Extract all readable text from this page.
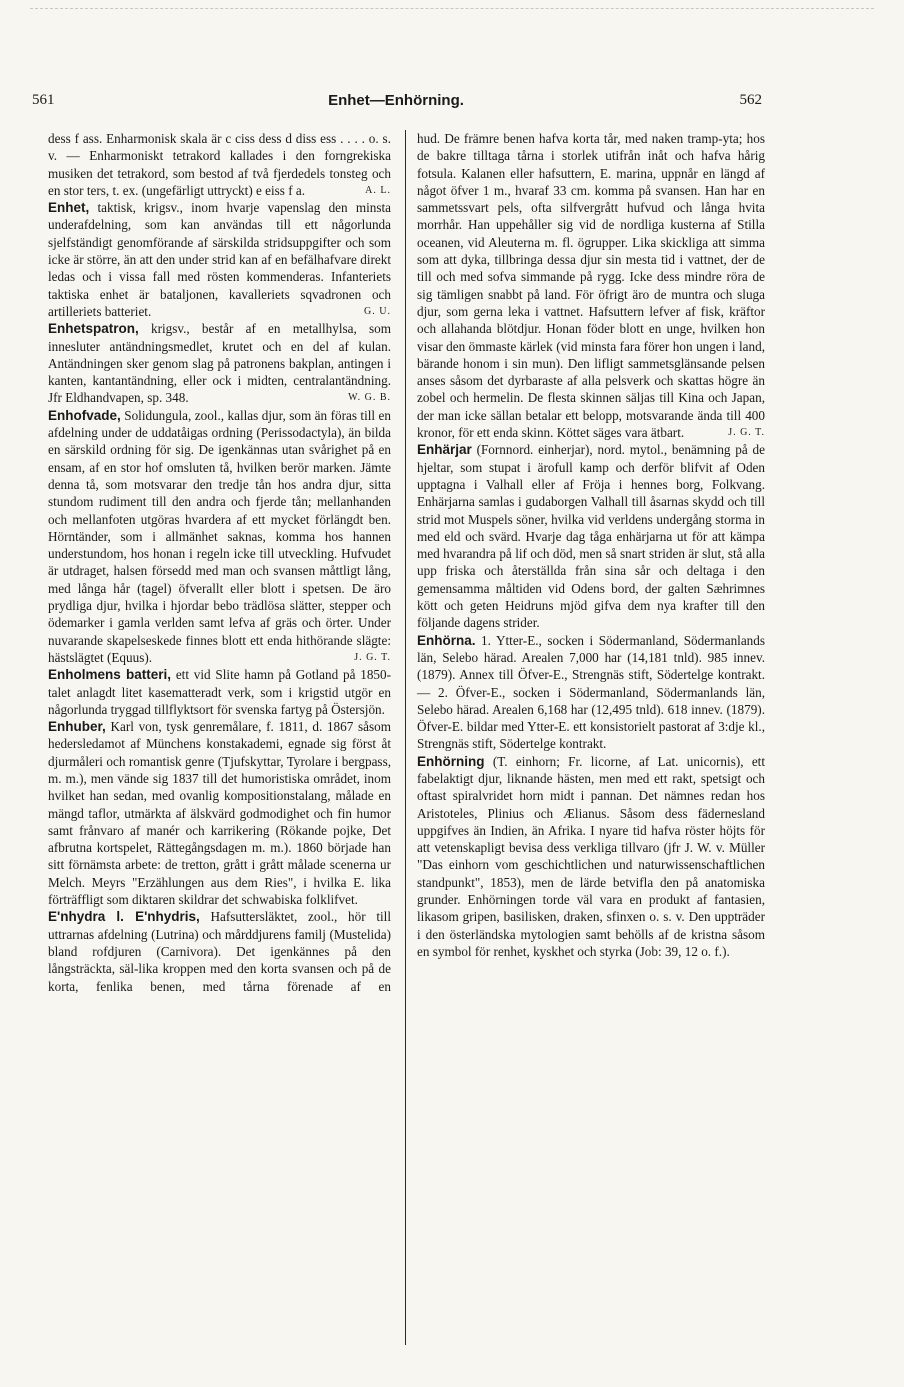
561	Enhet—Enhörning.	562

dess f ass. Enharmonisk skala är c ciss dess d diss ess . . . . o. s. v. — Enharmoniskt tetrakord kallades i den forngrekiska musiken det tetrakord, som bestod af två fjerdedels tonsteg och en stor ters, t. ex. (ungefärligt uttryckt) e eiss f a.	A. L.

Enhet, taktisk, krigsv., inom hvarje vapenslag den minsta underafdelning, som kan användas till ett någorlunda sjelfständigt genomförande af särskilda stridsuppgifter och som icke är större, än att den under strid kan af en befälhafvare direkt ledas och i vissa fall med rösten kommenderas. Infanteriets taktiska enhet är bataljonen, kavalleriets sqvadronen och artilleriets batteriet.	G. U.

Enhetspatron, krigsv., består af en metallhylsa, som innesluter antändningsmedlet, krutet och en del af kulan. Antändningen sker genom slag på patronens bakplan, antingen i kanten, kantantändning, eller ock i midten, centralantändning. Jfr Eldhandvapen, sp. 348.	W. G. B.

Enhofvade, Solidungula, zool., kallas djur, som än föras till en afdelning under de uddatåigas ordning (Perissodactyla), än bilda en särskild ordning för sig. De igenkännas utan svårighet på en ensam, af en stor hof omsluten tå, hvilken berör marken. Jämte denna tå, som motsvarar den tredje tån hos andra djur, sitta stundom rudiment till den andra och fjerde tån; mellanhanden och mellanfoten utgöras hvardera af ett mycket förlängdt ben. Hörntänder, som i allmänhet saknas, komma hos hannen understundom, hos honan i regeln icke till utveckling. Hufvudet är utdraget, halsen försedd med man och svansen måttligt lång, med långa hår (tagel) öfverallt eller blott i spetsen. De äro prydliga djur, hvilka i hjordar bebo trädlösa slätter, stepper och ödemarker i gamla verlden samt lefva af gräs och örter. Under nuvarande skapelseskede finnes blott ett enda hithörande slägte: hästslägtet (Equus).	J. G. T.

Enholmens batteri, ett vid Slite hamn på Gotland på 1850-talet anlagdt litet kasematteradt verk, som i krigstid utgör en någorlunda tryggad tillflyktsort för svenska fartyg på Östersjön.

Enhuber, Karl von, tysk genremålare, f. 1811, d. 1867 såsom hedersledamot af Münchens konstakademi, egnade sig först åt djurmåleri och romantisk genre (Tjufskyttar, Tyrolare i bergpass, m. m.), men vände sig 1837 till det humoristiska området, inom hvilket han sedan, med ovanlig kompositionstalang, målade en mängd taflor, utmärkta af älskvärd godmodighet och fin humor samt frånvaro af manér och karrikering (Rökande pojke, Det afbrutna kortspelet, Rättegångsdagen m. m.). 1860 började han sitt förnämsta arbete: de tretton, grått i grått målade scenerna ur Melch. Meyrs "Erzählungen aus dem Ries", i hvilka E. lika förträffligt som diktaren skildrar det schwabiska folklifvet.

E'nhydra l. E'nhydris, Hafsuttersläktet, zool., hör till uttrarnas afdelning (Lutrina) och mårddjurens familj (Mustelida) bland rofdjuren (Carnivora). Det igenkännes på den långsträckta, säl-lika kroppen med den korta svansen och på de korta, fenlika benen, med tårna förenade af en

hud. De främre benen hafva korta tår, med naken tramp-yta; hos de bakre tilltaga tårna i storlek utifrån inåt och hafva hårig fotsula. Kalanen eller hafsuttern, E. marina, uppnår en längd af något öfver 1 m., hvaraf 33 cm. komma på svansen. Han har en sammetssvart pels, ofta silfvergrått hufvud och långa hvita morrhår. Han uppehåller sig vid de nordliga kusterna af Stilla oceanen, vid Aleuterna m. fl. ögrupper. Lika skickliga att simma som att dyka, tillbringa dessa djur sin mesta tid i vattnet, der de till och med sofva simmande på rygg. Icke dess mindre röra de sig tämligen snabbt på land. För öfrigt äro de muntra och sluga djur, som gerna leka i vattnet. Hafsuttern lefver af fisk, kräftor och allahanda blötdjur. Honan föder blott en unge, hvilken hon visar den ömmaste kärlek (vid minsta fara förer hon ungen i land, bärande honom i sin mun). Den lifligt sammetsglänsande pelsen anses såsom det dyrbaraste af alla pelsverk och skattas högre än zobel och hermelin. De flesta skinnen säljas till Kina och Japan, der man icke sällan betalar ett belopp, motsvarande ända till 400 kronor, för ett enda skinn. Köttet säges vara ätbart.	J. G. T.

Enhärjar (Fornnord. einherjar), nord. mytol., benämning på de hjeltar, som stupat i ärofull kamp och derför blifvit af Oden upptagna i Valhall eller af Fröja i hennes borg, Folkvang. Enhärjarna samlas i gudaborgen Valhall till åsarnas skydd och till strid mot Muspels söner, hvilka vid verldens undergång storma in med eld och svärd. Hvarje dag tåga enhärjarna ut för att kämpa med hvarandra på lif och död, men så snart striden är slut, stå alla upp friska och återställda från sina sår och deltaga i den gemensamma måltiden vid Odens bord, der galten Sæhrimnes kött och geten Heidruns mjöd gifva dem nya krafter till den följande dagens strider.

Enhörna. 1. Ytter-E., socken i Södermanland, Södermanlands län, Selebo härad. Arealen 7,000 har (14,181 tnld). 985 innev. (1879). Annex till Öfver-E., Strengnäs stift, Södertelge kontrakt. — 2. Öfver-E., socken i Södermanland, Södermanlands län, Selebo härad. Arealen 6,168 har (12,495 tnld). 618 innev. (1879). Öfver-E. bildar med Ytter-E. ett konsistorielt pastorat af 3:dje kl., Strengnäs stift, Södertelge kontrakt.

Enhörning (T. einhorn; Fr. licorne, af Lat. unicornis), ett fabelaktigt djur, liknande hästen, men med ett rakt, spetsigt och oftast spiralvridet horn midt i pannan. Det nämnes redan hos Aristoteles, Plinius och Ælianus. Såsom dess fädernesland uppgifves än Indien, än Afrika. I nyare tid hafva röster höjts för att vetenskapligt bevisa dess verkliga tillvaro (jfr J. W. v. Müller "Das einhorn vom geschichtlichen und naturwissenschaftlichen standpunkt", 1853), men de lärde betvifla den på anatomiska grunder. Enhörningen torde väl vara en produkt af fantasien, likasom gripen, basilisken, draken, sfinxen o. s. v. Den uppträder i den österländska mytologien samt behölls af de kristna såsom en symbol för renhet, kyskhet och styrka (Job: 39, 12 o. f.).
